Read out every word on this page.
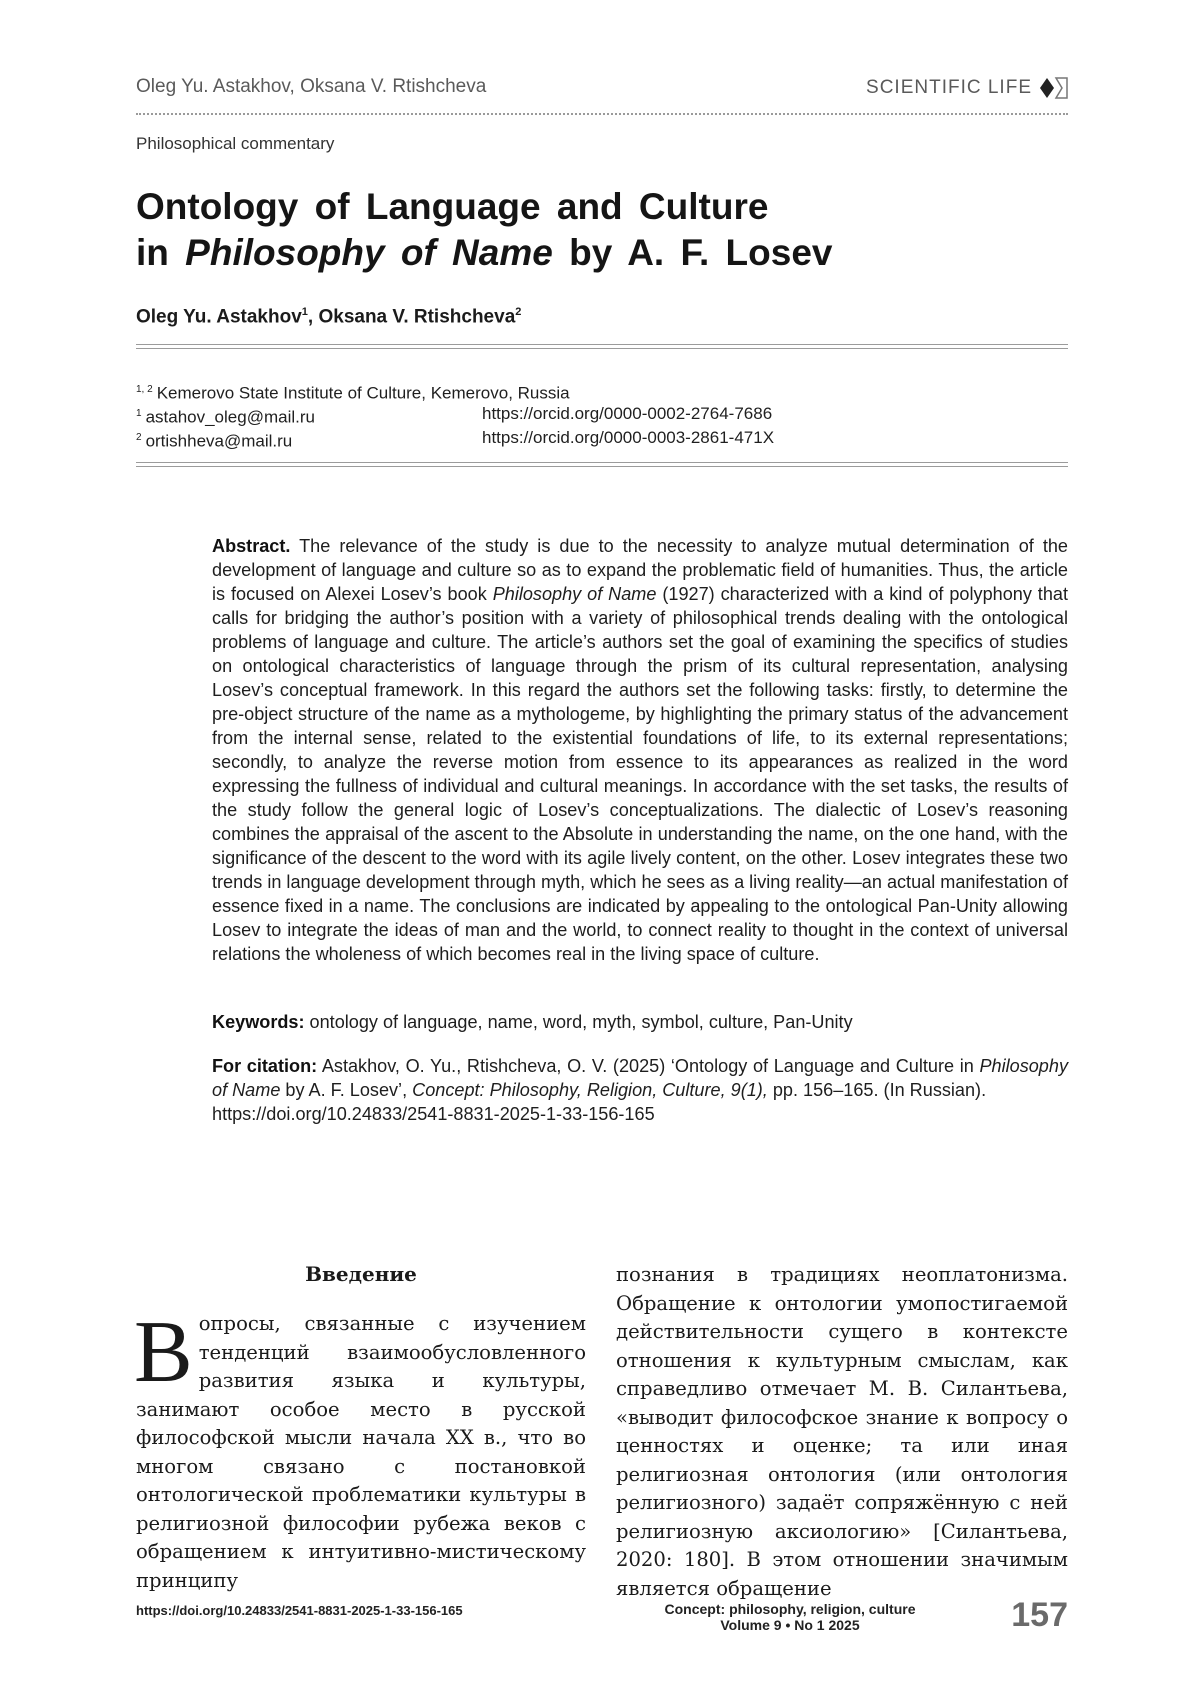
Oleg Yu. Astakhov, Oksana V. Rtishcheva	SCIENTIFIC LIFE
Philosophical commentary
Ontology of Language and Culture
in Philosophy of Name by A. F. Losev
Oleg Yu. Astakhov$^1$, Oksana V. Rtishcheva$^2$
$^{1, 2}$ Kemerovo State Institute of Culture, Kemerovo, Russia
$^1$ astahov_oleg@mail.ru	https://orcid.org/0000-0002-2764-7686
$^2$ ortishheva@mail.ru	https://orcid.org/0000-0003-2861-471X

Abstract. The relevance of the study is due to the necessity to analyze mutual determination of the development of language and culture so as to expand the problematic field of humanities. Thus, the article is focused on Alexei Losev’s book Philosophy of Name (1927) characterized with a kind of polyphony that calls for bridging the author’s position with a variety of philosophical trends dealing with the ontological problems of language and culture. The article’s authors set the goal of examining the specifics of studies on ontological characteristics of language through the prism of its cultural representation, analysing Losev’s conceptual framework. In this regard the authors set the following tasks: firstly, to determine the pre-object structure of the name as a mythologeme, by highlighting the primary status of the advancement from the internal sense, related to the existential foundations of life, to its external representations; secondly, to analyze the reverse motion from essence to its appearances as realized in the word expressing the fullness of individual and cultural meanings. In accordance with the set tasks, the results of the study follow the general logic of Losev’s conceptualizations. The dialectic of Losev’s reasoning combines the appraisal of the ascent to the Absolute in understanding the name, on the one hand, with the significance of the descent to the word with its agile lively content, on the other. Losev integrates these two trends in language development through myth, which he sees as a living reality—an actual manifestation of essence fixed in a name. The conclusions are indicated by appealing to the ontological Pan-Unity allowing Losev to integrate the ideas of man and the world, to connect reality to thought in the context of universal relations the wholeness of which becomes real in the living space of culture.

Keywords: ontology of language, name, word, myth, symbol, culture, Pan-Unity

For citation: Astakhov, O. Yu., Rtishcheva, O. V. (2025) ‘Ontology of Language and Culture in Philosophy of Name by A. F. Losev’, Concept: Philosophy, Religion, Culture, 9(1), pp. 156–165. (In Russian).
https://doi.org/10.24833/2541-8831-2025-1-33-156-165

Введение

Вопросы, связанные с изучением тенденций взаимообусловленного развития языка и культуры, занимают особое место в русской философской мысли начала XX в., что во многом связано с постановкой онтологической проблематики культуры в религиозной философии рубежа веков с обращением к интуитивно-мистическому принципу

познания в традициях неоплатонизма. Обращение к онтологии умопостигаемой действительности сущего в контексте отношения к культурным смыслам, как справедливо отмечает М. В. Силантьева, «выводит философское знание к вопросу о ценностях и оценке; та или иная религиозная онтология (или онтология религиозного) задаёт сопряжённую с ней религиозную аксиологию» [Силантьева, 2020: 180]. В этом отношении значимым является обращение

https://doi.org/10.24833/2541-8831-2025-1-33-156-165	Concept: philosophy, religion, culture
Volume 9 • No 1 2025	157
